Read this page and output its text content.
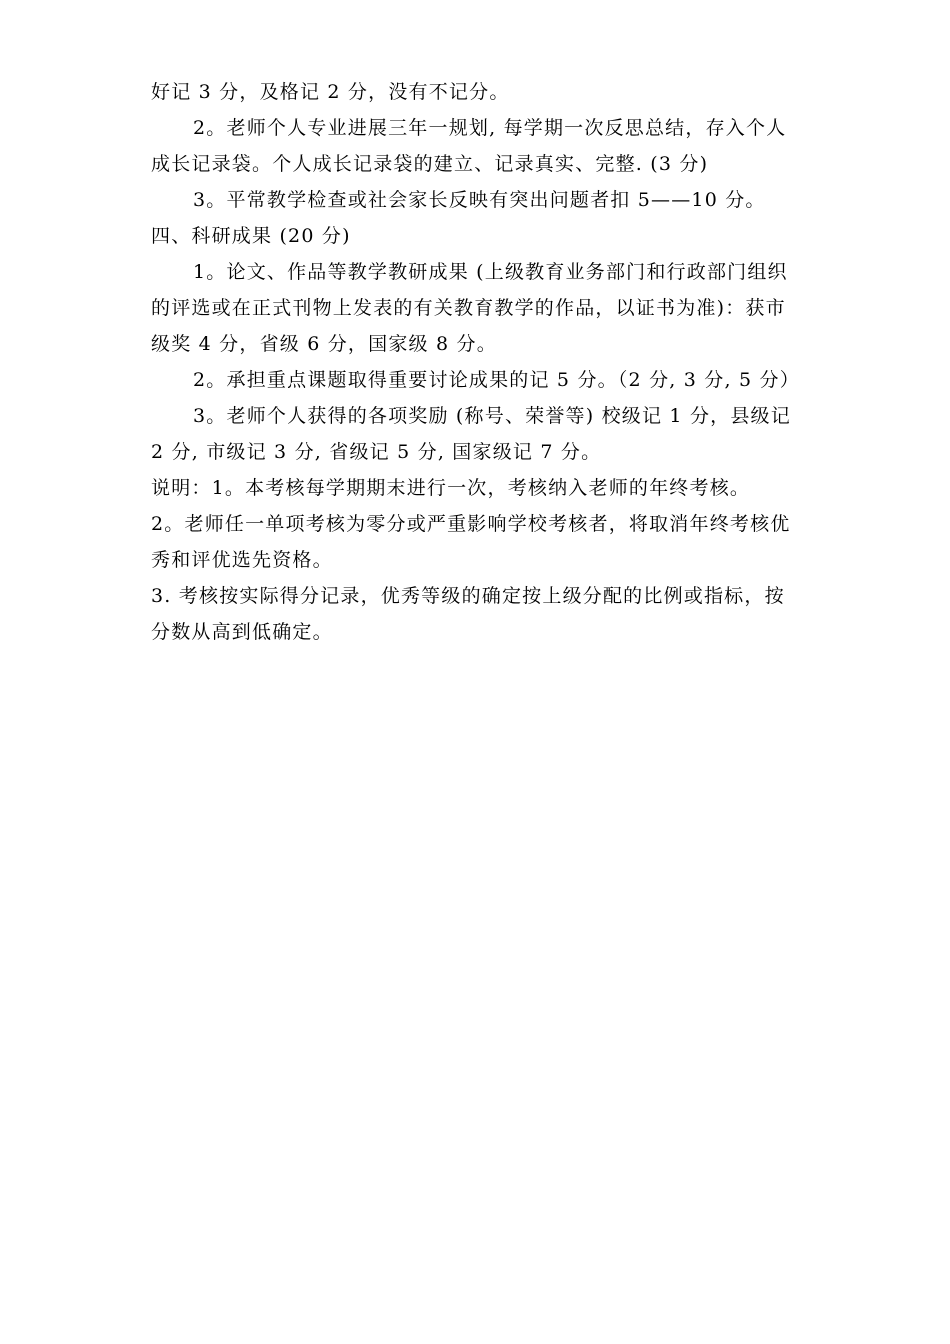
好记 3 分，及格记 2 分，没有不记分。
2。老师个人专业进展三年一规划, 每学期一次反思总结，存入个人
成长记录袋。个人成长记录袋的建立、记录真实、完整. (3 分)
3。平常教学检查或社会家长反映有突出问题者扣 5——10 分。
四、科研成果 (20 分)
1。论文、作品等教学教研成果 (上级教育业务部门和行政部门组织
的评选或在正式刊物上发表的有关教育教学的作品，以证书为准)：获市
级奖 4 分，省级 6 分，国家级 8 分。
2。承担重点课题取得重要讨论成果的记 5 分。（2 分, 3 分, 5 分）
3。老师个人获得的各项奖励 (称号、荣誉等) 校级记 1 分，县级记
2 分, 市级记 3 分, 省级记 5 分, 国家级记 7 分。
说明：1。本考核每学期期末进行一次，考核纳入老师的年终考核。
2。老师任一单项考核为零分或严重影响学校考核者，将取消年终考核优
秀和评优选先资格。
3. 考核按实际得分记录，优秀等级的确定按上级分配的比例或指标，按
分数从高到低确定。
